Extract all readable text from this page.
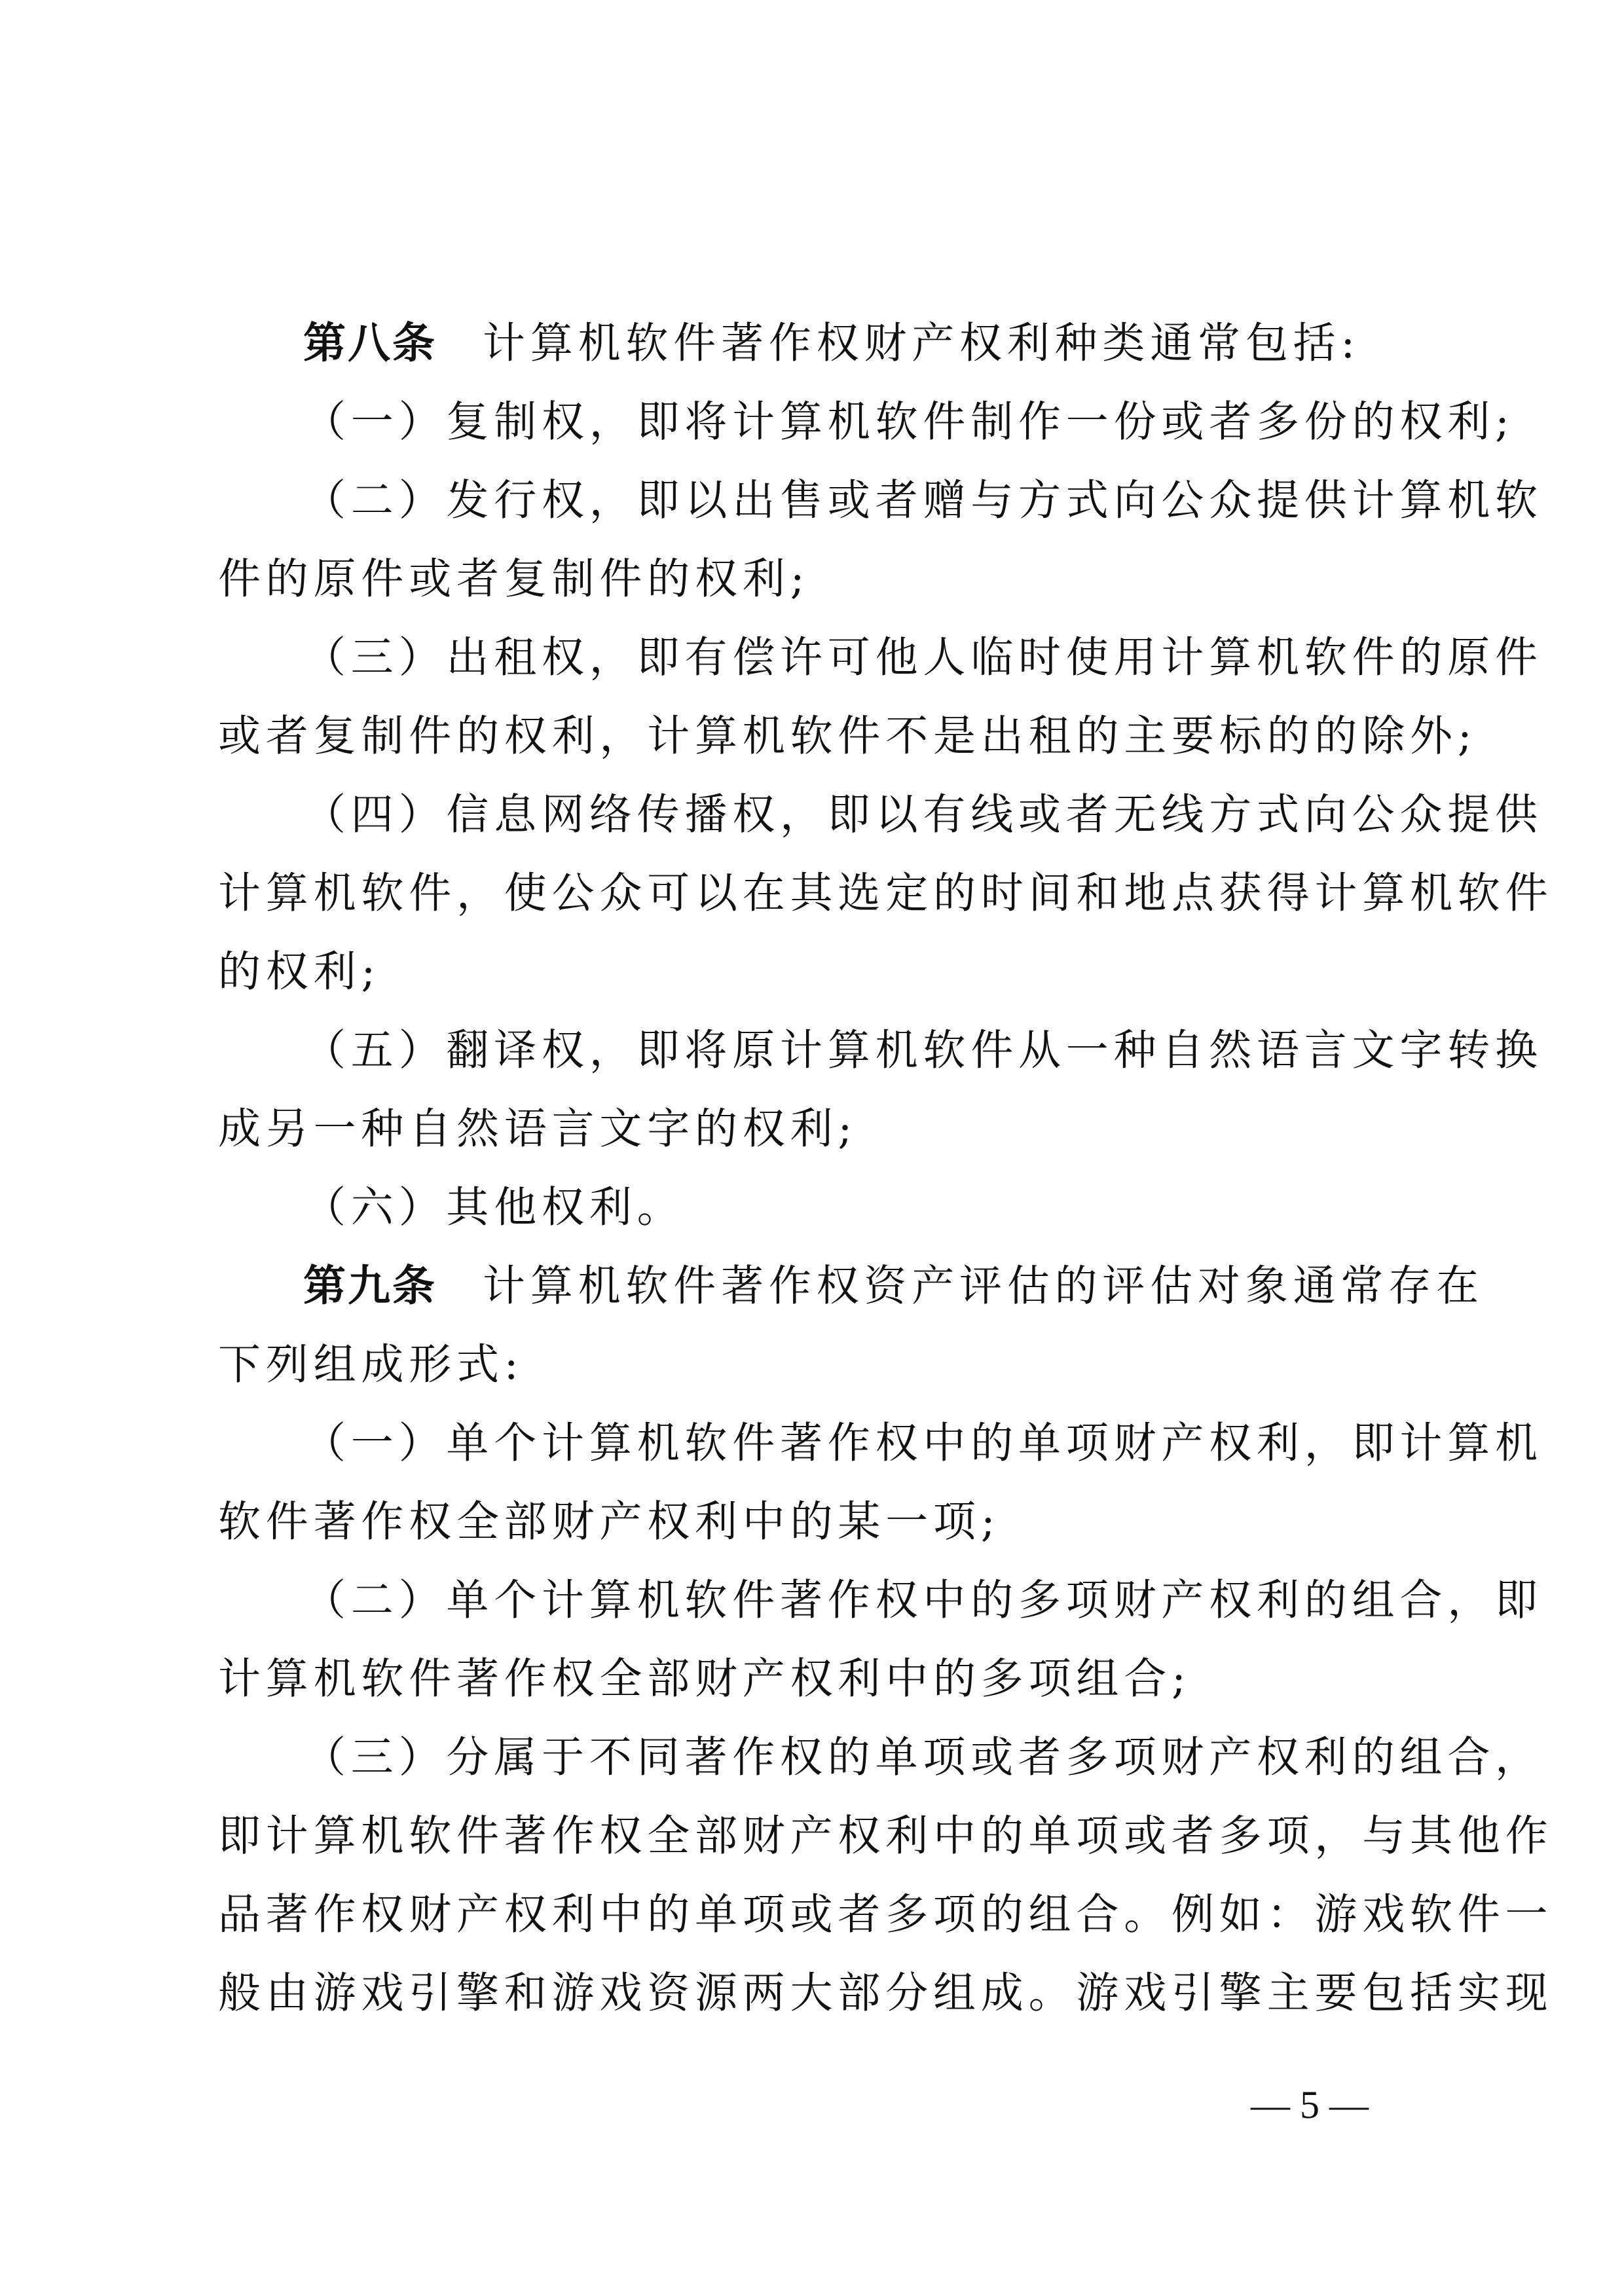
第八条 计算机软件著作权财产权利种类通常包括:
（一）复制权，即将计算机软件制作一份或者多份的权利;
（二）发行权，即以出售或者赠与方式向公众提供计算机软
件的原件或者复制件的权利;
（三）出租权，即有偿许可他人临时使用计算机软件的原件
或者复制件的权利，计算机软件不是出租的主要标的的除外;
（四）信息网络传播权，即以有线或者无线方式向公众提供
计算机软件，使公众可以在其选定的时间和地点获得计算机软件
的权利;
（五）翻译权，即将原计算机软件从一种自然语言文字转换
成另一种自然语言文字的权利;
（六）其他权利。
第九条 计算机软件著作权资产评估的评估对象通常存在
下列组成形式:
（一）单个计算机软件著作权中的单项财产权利，即计算机
软件著作权全部财产权利中的某一项;
（二）单个计算机软件著作权中的多项财产权利的组合，即
计算机软件著作权全部财产权利中的多项组合;
（三）分属于不同著作权的单项或者多项财产权利的组合，
即计算机软件著作权全部财产权利中的单项或者多项，与其他作
品著作权财产权利中的单项或者多项的组合。例如：游戏软件一
般由游戏引擎和游戏资源两大部分组成。游戏引擎主要包括实现
— 5 —
